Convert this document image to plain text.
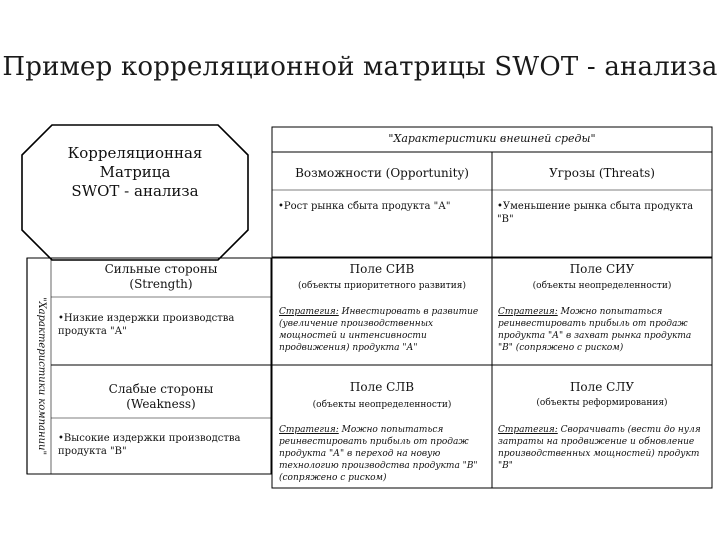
Пример корреляционной матрицы SWOT - анализа
Корреляционная
Матрица
SWOT - анализа
"Характеристики внешней среды"
Возможности (Opportunity)	Угрозы (Threats)
• Рост рынка сбыта продукта "А"
•	Уменьшение рынка сбыта продукта "В"
"Характеристики компании"
Сильные стороны
(Strength)
• Низкие издержки производства продукта "А"
Слабые стороны
(Weakness)
• Высокие издержки производства продукта "В"
Поле СИВ
(объекты приоритетного развития)
Стратегия: Инвестировать в развитие (увеличение производственных мощностей и интенсивности продвижения) продукта "А"
Поле СИУ
(объекты неопределенности)
Стратегия: Можно попытаться реинвестировать прибыль от продаж продукта "А" в захват рынка продукта "В" (сопряжено с риском)
Поле СЛВ
(объекты неопределенности)
Стратегия: Можно попытаться реинвестировать прибыль от продаж продукта "А" в переход на новую технологию производства продукта "В" (сопряжено с риском)
Поле СЛУ
(объекты реформирования)
Стратегия: Сворачивать (вести до нуля затраты на продвижение и обновление производственных мощностей) продукт "В"
